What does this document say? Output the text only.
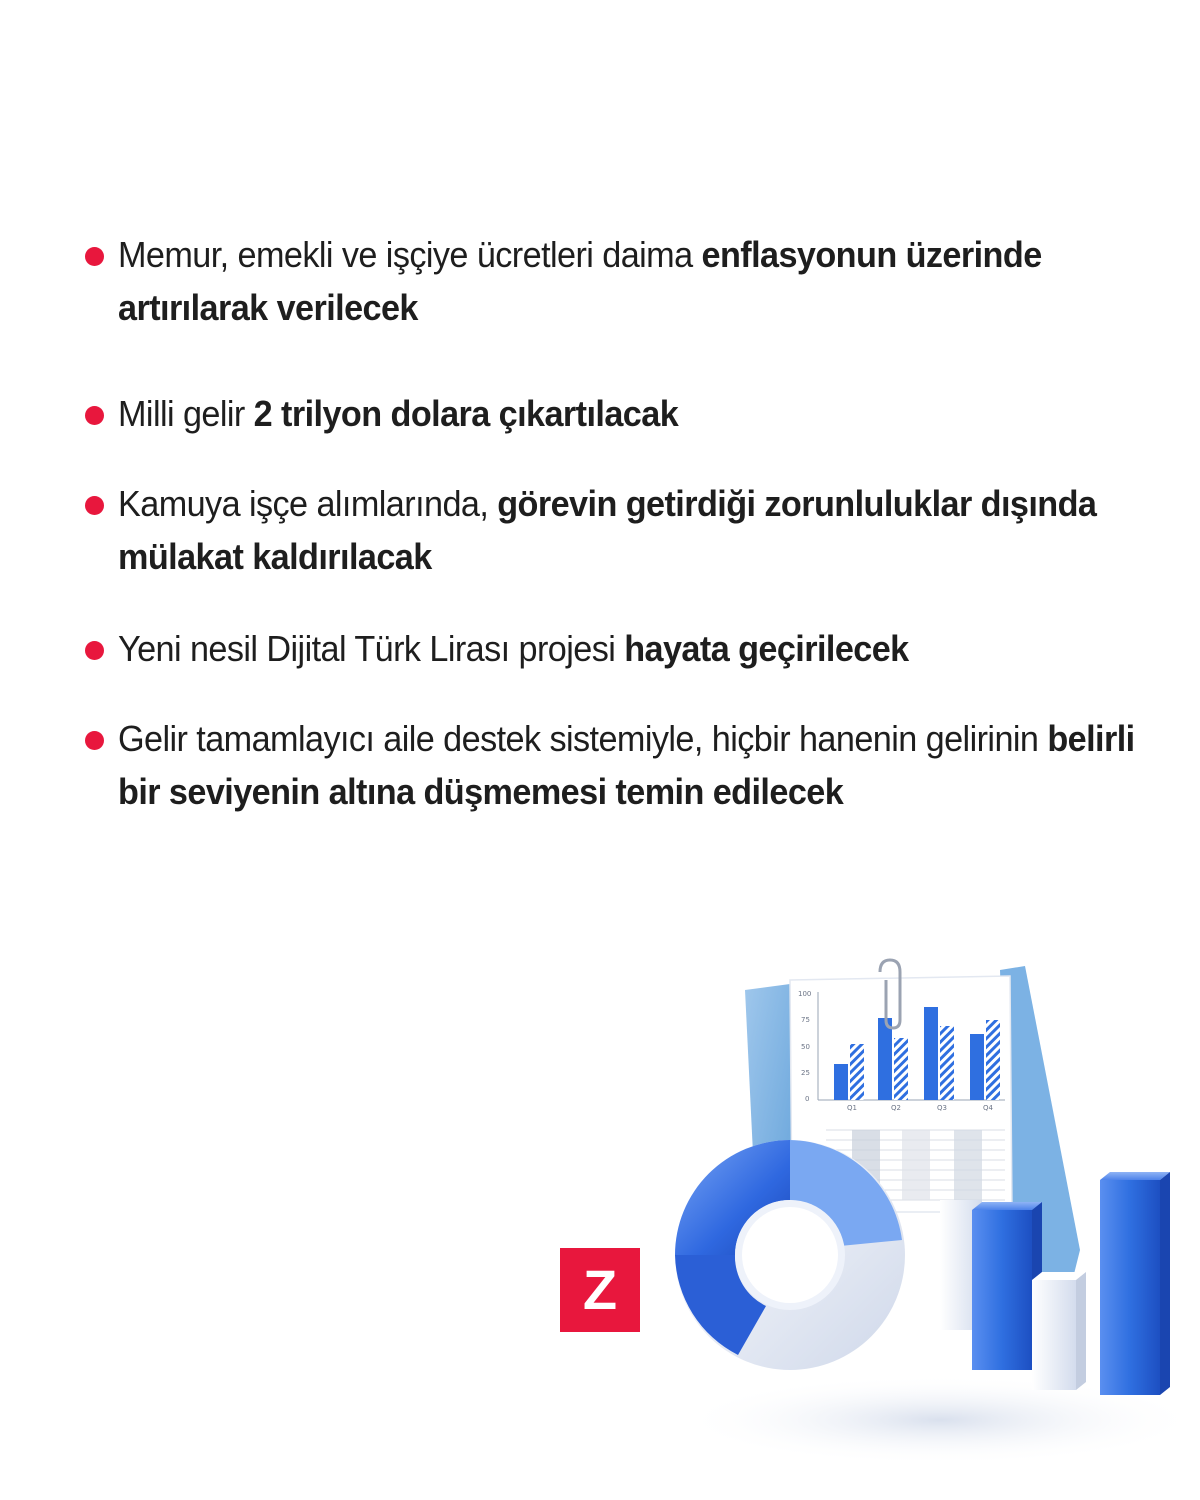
Memur, emekli ve işçiye ücretleri daima enflasyonun üzerinde artırılarak verilecek
Milli gelir 2 trilyon dolara çıkartılacak
Kamuya işçe alımlarında, görevin getirdiği zorunluluklar dışında mülakat kaldırılacak
Yeni nesil Dijital Türk Lirası projesi hayata geçirilecek
Gelir tamamlayıcı aile destek sistemiyle, hiçbir hanenin gelirinin belirli bir seviyenin altına düşmemesi temin edilecek
Z
100
75
50
25
0
Q1	Q2	Q3	Q4
